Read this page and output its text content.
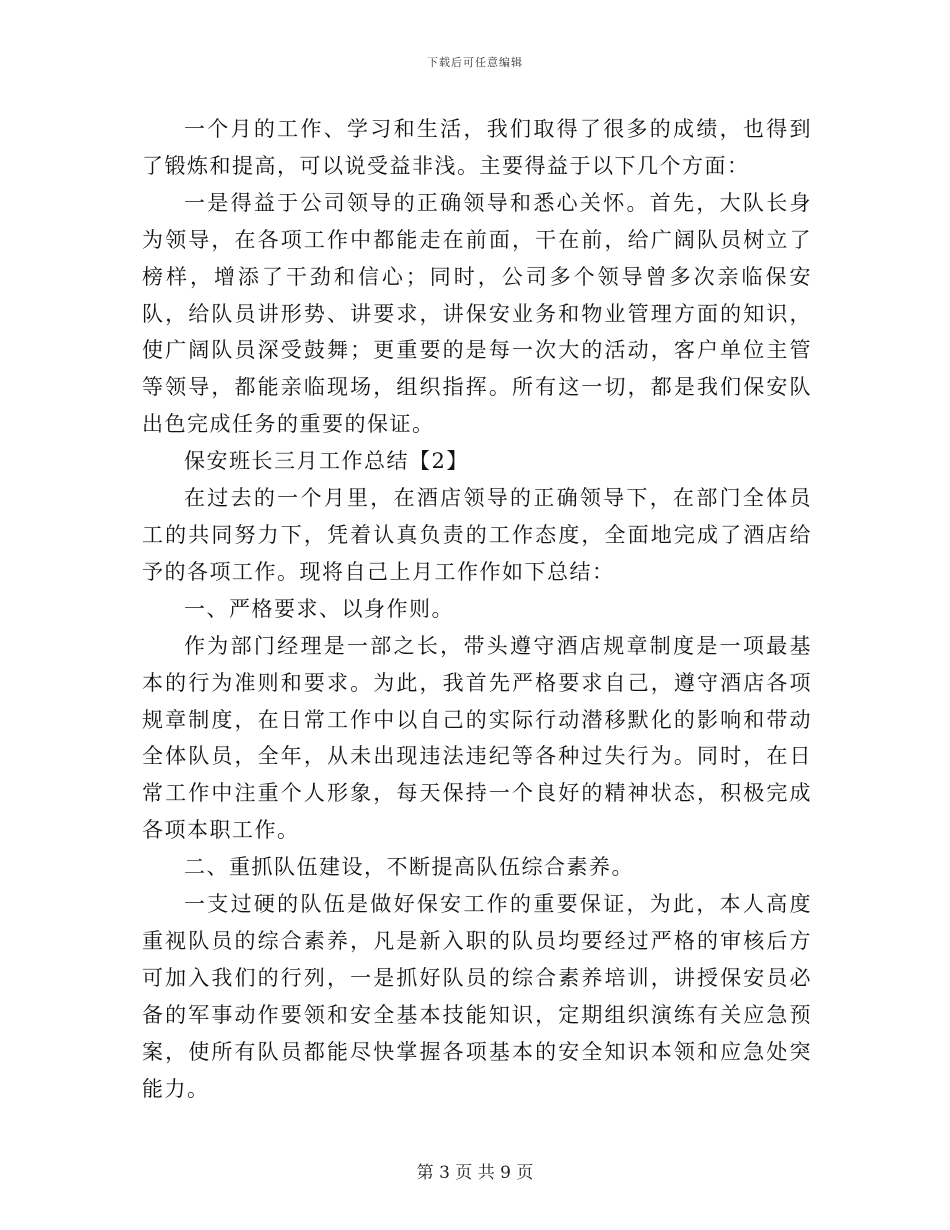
下载后可任意编辑

一个月的工作、学习和生活，我们取得了很多的成绩，也得到了锻炼和提高，可以说受益非浅。主要得益于以下几个方面：

一是得益于公司领导的正确领导和悉心关怀。首先，大队长身为领导，在各项工作中都能走在前面，干在前，给广阔队员树立了榜样，增添了干劲和信心；同时，公司多个领导曾多次亲临保安队，给队员讲形势、讲要求，讲保安业务和物业管理方面的知识，使广阔队员深受鼓舞；更重要的是每一次大的活动，客户单位主管等领导，都能亲临现场，组织指挥。所有这一切，都是我们保安队出色完成任务的重要的保证。

保安班长三月工作总结【2】

在过去的一个月里，在酒店领导的正确领导下，在部门全体员工的共同努力下，凭着认真负责的工作态度，全面地完成了酒店给予的各项工作。现将自己上月工作作如下总结：

一、严格要求、以身作则。

作为部门经理是一部之长，带头遵守酒店规章制度是一项最基本的行为准则和要求。为此，我首先严格要求自己，遵守酒店各项规章制度，在日常工作中以自己的实际行动潜移默化的影响和带动全体队员，全年，从未出现违法违纪等各种过失行为。同时，在日常工作中注重个人形象，每天保持一个良好的精神状态，积极完成各项本职工作。

二、重抓队伍建设，不断提高队伍综合素养。

一支过硬的队伍是做好保安工作的重要保证，为此，本人高度重视队员的综合素养，凡是新入职的队员均要经过严格的审核后方可加入我们的行列，一是抓好队员的综合素养培训，讲授保安员必备的军事动作要领和安全基本技能知识，定期组织演练有关应急预案，使所有队员都能尽快掌握各项基本的安全知识本领和应急处突能力。

第 3 页 共 9 页
